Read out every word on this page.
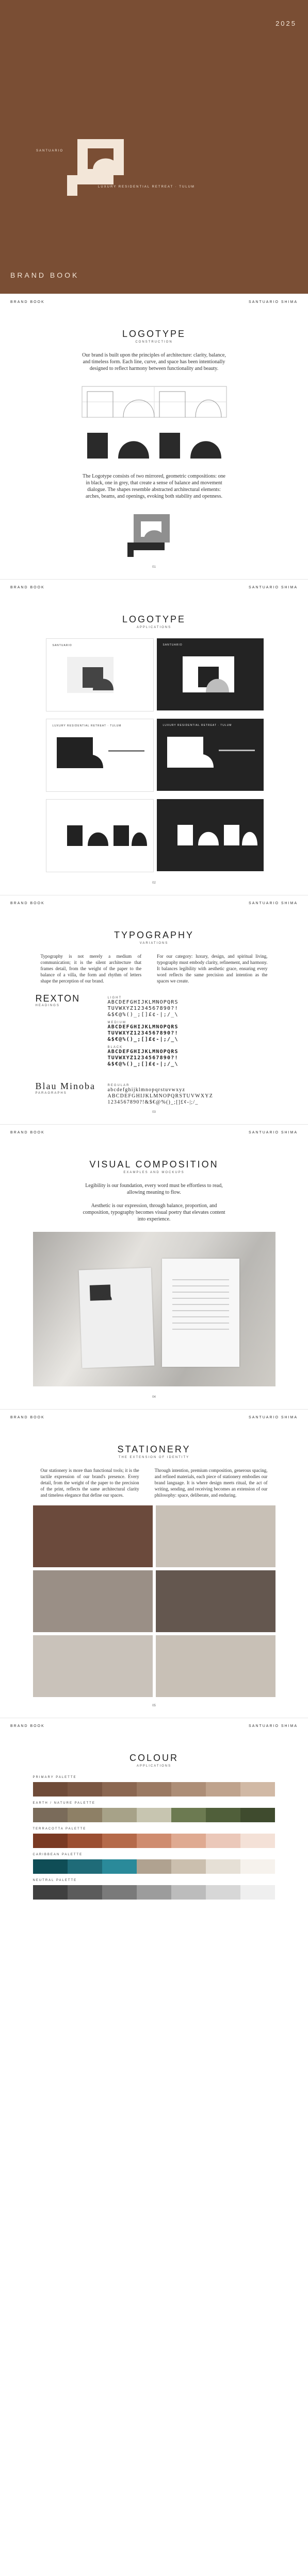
2025
SANTUARIO
LUXURY RESIDENTIAL RETREAT · TULUM
BRAND BOOK
BRAND BOOK	SANTUARIO SHIMA
LOGOTYPE
CONSTRUCTION
Our brand is built upon the principles of architecture: clarity, balance, and timeless form. Each line, curve, and space has been intentionally designed to reflect harmony between functionality and beauty.
The Logotype consists of two mirrored, geometric compositions: one in black, one in grey, that create a sense of balance and movement dialogue. The shapes resemble abstracted architectural elements: arches, beams, and openings, evoking both stability and openness.
01
BRAND BOOK	SANTUARIO SHIMA
LOGOTYPE
APPLICATIONS
SANTUARIO	SANTUARIO
LUXURY RESIDENTIAL RETREAT · TULUM	LUXURY RESIDENTIAL RETREAT · TULUM
02
BRAND BOOK	SANTUARIO SHIMA
TYPOGRAPHY
VARIATIONS

Typography is not merely a medium of communication; it is the silent architecture that frames detail, from the weight of the paper to the balance of a villa, the form and rhythm of letters shape the perception of our brand.

For our category: luxury, design, and spiritual living, typography must embody clarity, refinement, and harmony. It balances legibility with aesthetic grace, ensuring every word reflects the same precision and intention as the spaces we create.

REXTON
HEADINGS
LIGHT
ABCDEFGHIJKLMNOPQRS
TUVWXYZ1234567890?!
&$€@%()_;[]£¢-|;/_\
MEDIUM
ABCDEFGHIJKLMNOPQRS
TUVWXYZ1234567890?!
&$€@%()_;[]£¢-|;/_\
BLACK
ABCDEFGHIJKLMNOPQRS
TUVWXYZ1234567890?!
&$€@%()_;[]£¢-|;/_\
Blau Minoba
PARAGRAPHS
REGULAR
abcdefghijklmnopqrstuvwxyz
ABCDEFGHIJKLMNOPQRSTUVWXYZ
1234567890?!&$€@%()_;[]£¢-|;/_
03
BRAND BOOK	SANTUARIO SHIMA
VISUAL COMPOSITION
EXAMPLES AND MOCKUPS
Legibility is our foundation, every word must be effortless to read, allowing meaning to flow.

Aesthetic is our expression, through balance, proportion, and composition, typography becomes visual poetry that elevates content into experience.
04
BRAND BOOK	SANTUARIO SHIMA
STATIONERY
THE EXTENSION OF IDENTITY

Our stationery is more than functional tools; it is the tactile expression of our brand's presence. Every detail, from the weight of the paper to the precision of the print, reflects the same architectural clarity and timeless elegance that define our spaces.

Through intention, premium composition, generous spacing, and refined materials, each piece of stationery embodies our brand language. It is where design meets ritual, the act of writing, sending, and receiving becomes an extension of our philosophy: space, deliberate, and enduring.

05
BRAND BOOK	SANTUARIO SHIMA
COLOUR
APPLICATIONS
PRIMARY PALETTE
EARTH / NATURE PALETTE
TERRACOTTA PALETTE
CARIBBEAN PALETTE
NEUTRAL PALETTE
